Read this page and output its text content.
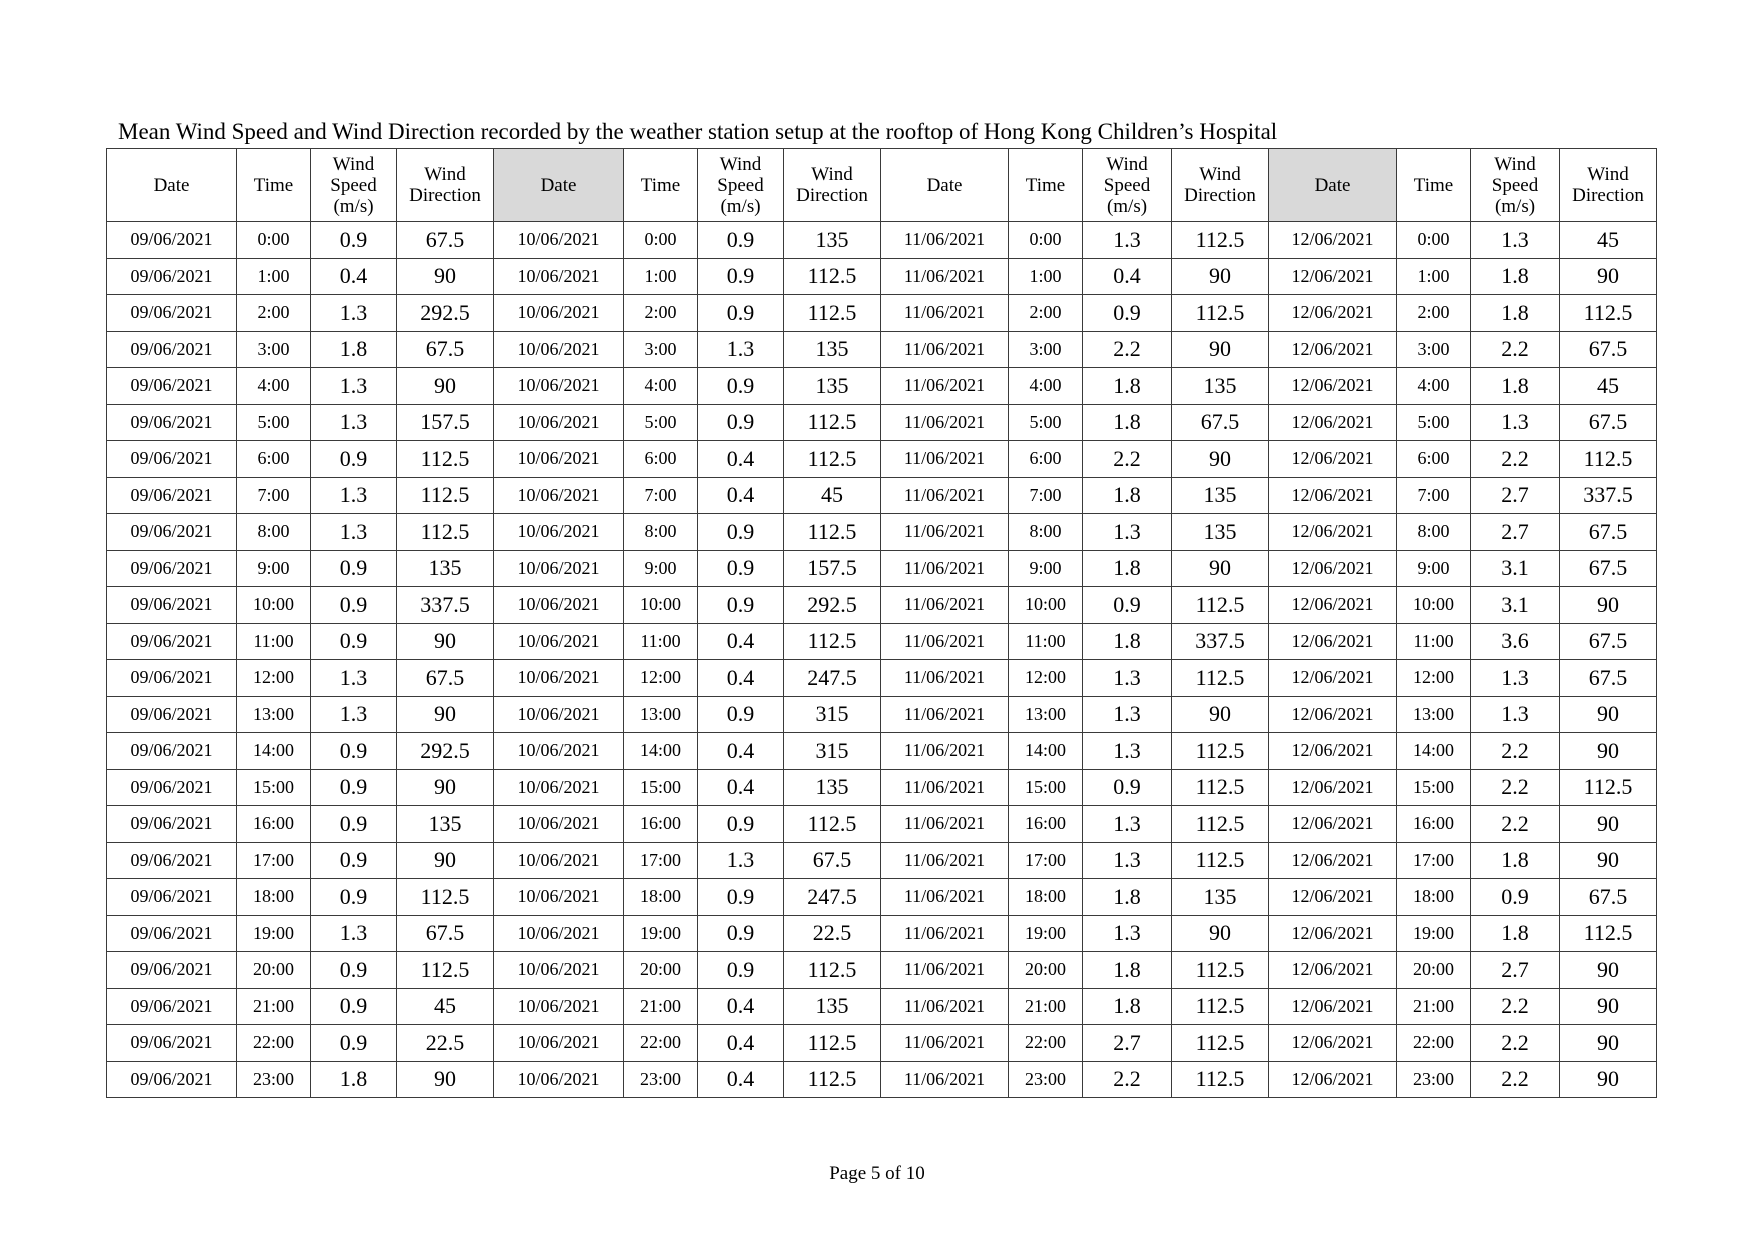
Mean Wind Speed and Wind Direction recorded by the weather station setup at the rooftop of Hong Kong Children’s Hospital
Date	Time	Wind Speed (m/s)	Wind Direction	Date	Time	Wind Speed (m/s)	Wind Direction	Date	Time	Wind Speed (m/s)	Wind Direction	Date	Time	Wind Speed (m/s)	Wind Direction
09/06/2021	0:00	0.9	67.5	10/06/2021	0:00	0.9	135	11/06/2021	0:00	1.3	112.5	12/06/2021	0:00	1.3	45
09/06/2021	1:00	0.4	90	10/06/2021	1:00	0.9	112.5	11/06/2021	1:00	0.4	90	12/06/2021	1:00	1.8	90
09/06/2021	2:00	1.3	292.5	10/06/2021	2:00	0.9	112.5	11/06/2021	2:00	0.9	112.5	12/06/2021	2:00	1.8	112.5
09/06/2021	3:00	1.8	67.5	10/06/2021	3:00	1.3	135	11/06/2021	3:00	2.2	90	12/06/2021	3:00	2.2	67.5
09/06/2021	4:00	1.3	90	10/06/2021	4:00	0.9	135	11/06/2021	4:00	1.8	135	12/06/2021	4:00	1.8	45
09/06/2021	5:00	1.3	157.5	10/06/2021	5:00	0.9	112.5	11/06/2021	5:00	1.8	67.5	12/06/2021	5:00	1.3	67.5
09/06/2021	6:00	0.9	112.5	10/06/2021	6:00	0.4	112.5	11/06/2021	6:00	2.2	90	12/06/2021	6:00	2.2	112.5
09/06/2021	7:00	1.3	112.5	10/06/2021	7:00	0.4	45	11/06/2021	7:00	1.8	135	12/06/2021	7:00	2.7	337.5
09/06/2021	8:00	1.3	112.5	10/06/2021	8:00	0.9	112.5	11/06/2021	8:00	1.3	135	12/06/2021	8:00	2.7	67.5
09/06/2021	9:00	0.9	135	10/06/2021	9:00	0.9	157.5	11/06/2021	9:00	1.8	90	12/06/2021	9:00	3.1	67.5
09/06/2021	10:00	0.9	337.5	10/06/2021	10:00	0.9	292.5	11/06/2021	10:00	0.9	112.5	12/06/2021	10:00	3.1	90
09/06/2021	11:00	0.9	90	10/06/2021	11:00	0.4	112.5	11/06/2021	11:00	1.8	337.5	12/06/2021	11:00	3.6	67.5
09/06/2021	12:00	1.3	67.5	10/06/2021	12:00	0.4	247.5	11/06/2021	12:00	1.3	112.5	12/06/2021	12:00	1.3	67.5
09/06/2021	13:00	1.3	90	10/06/2021	13:00	0.9	315	11/06/2021	13:00	1.3	90	12/06/2021	13:00	1.3	90
09/06/2021	14:00	0.9	292.5	10/06/2021	14:00	0.4	315	11/06/2021	14:00	1.3	112.5	12/06/2021	14:00	2.2	90
09/06/2021	15:00	0.9	90	10/06/2021	15:00	0.4	135	11/06/2021	15:00	0.9	112.5	12/06/2021	15:00	2.2	112.5
09/06/2021	16:00	0.9	135	10/06/2021	16:00	0.9	112.5	11/06/2021	16:00	1.3	112.5	12/06/2021	16:00	2.2	90
09/06/2021	17:00	0.9	90	10/06/2021	17:00	1.3	67.5	11/06/2021	17:00	1.3	112.5	12/06/2021	17:00	1.8	90
09/06/2021	18:00	0.9	112.5	10/06/2021	18:00	0.9	247.5	11/06/2021	18:00	1.8	135	12/06/2021	18:00	0.9	67.5
09/06/2021	19:00	1.3	67.5	10/06/2021	19:00	0.9	22.5	11/06/2021	19:00	1.3	90	12/06/2021	19:00	1.8	112.5
09/06/2021	20:00	0.9	112.5	10/06/2021	20:00	0.9	112.5	11/06/2021	20:00	1.8	112.5	12/06/2021	20:00	2.7	90
09/06/2021	21:00	0.9	45	10/06/2021	21:00	0.4	135	11/06/2021	21:00	1.8	112.5	12/06/2021	21:00	2.2	90
09/06/2021	22:00	0.9	22.5	10/06/2021	22:00	0.4	112.5	11/06/2021	22:00	2.7	112.5	12/06/2021	22:00	2.2	90
09/06/2021	23:00	1.8	90	10/06/2021	23:00	0.4	112.5	11/06/2021	23:00	2.2	112.5	12/06/2021	23:00	2.2	90
Page 5 of 10
